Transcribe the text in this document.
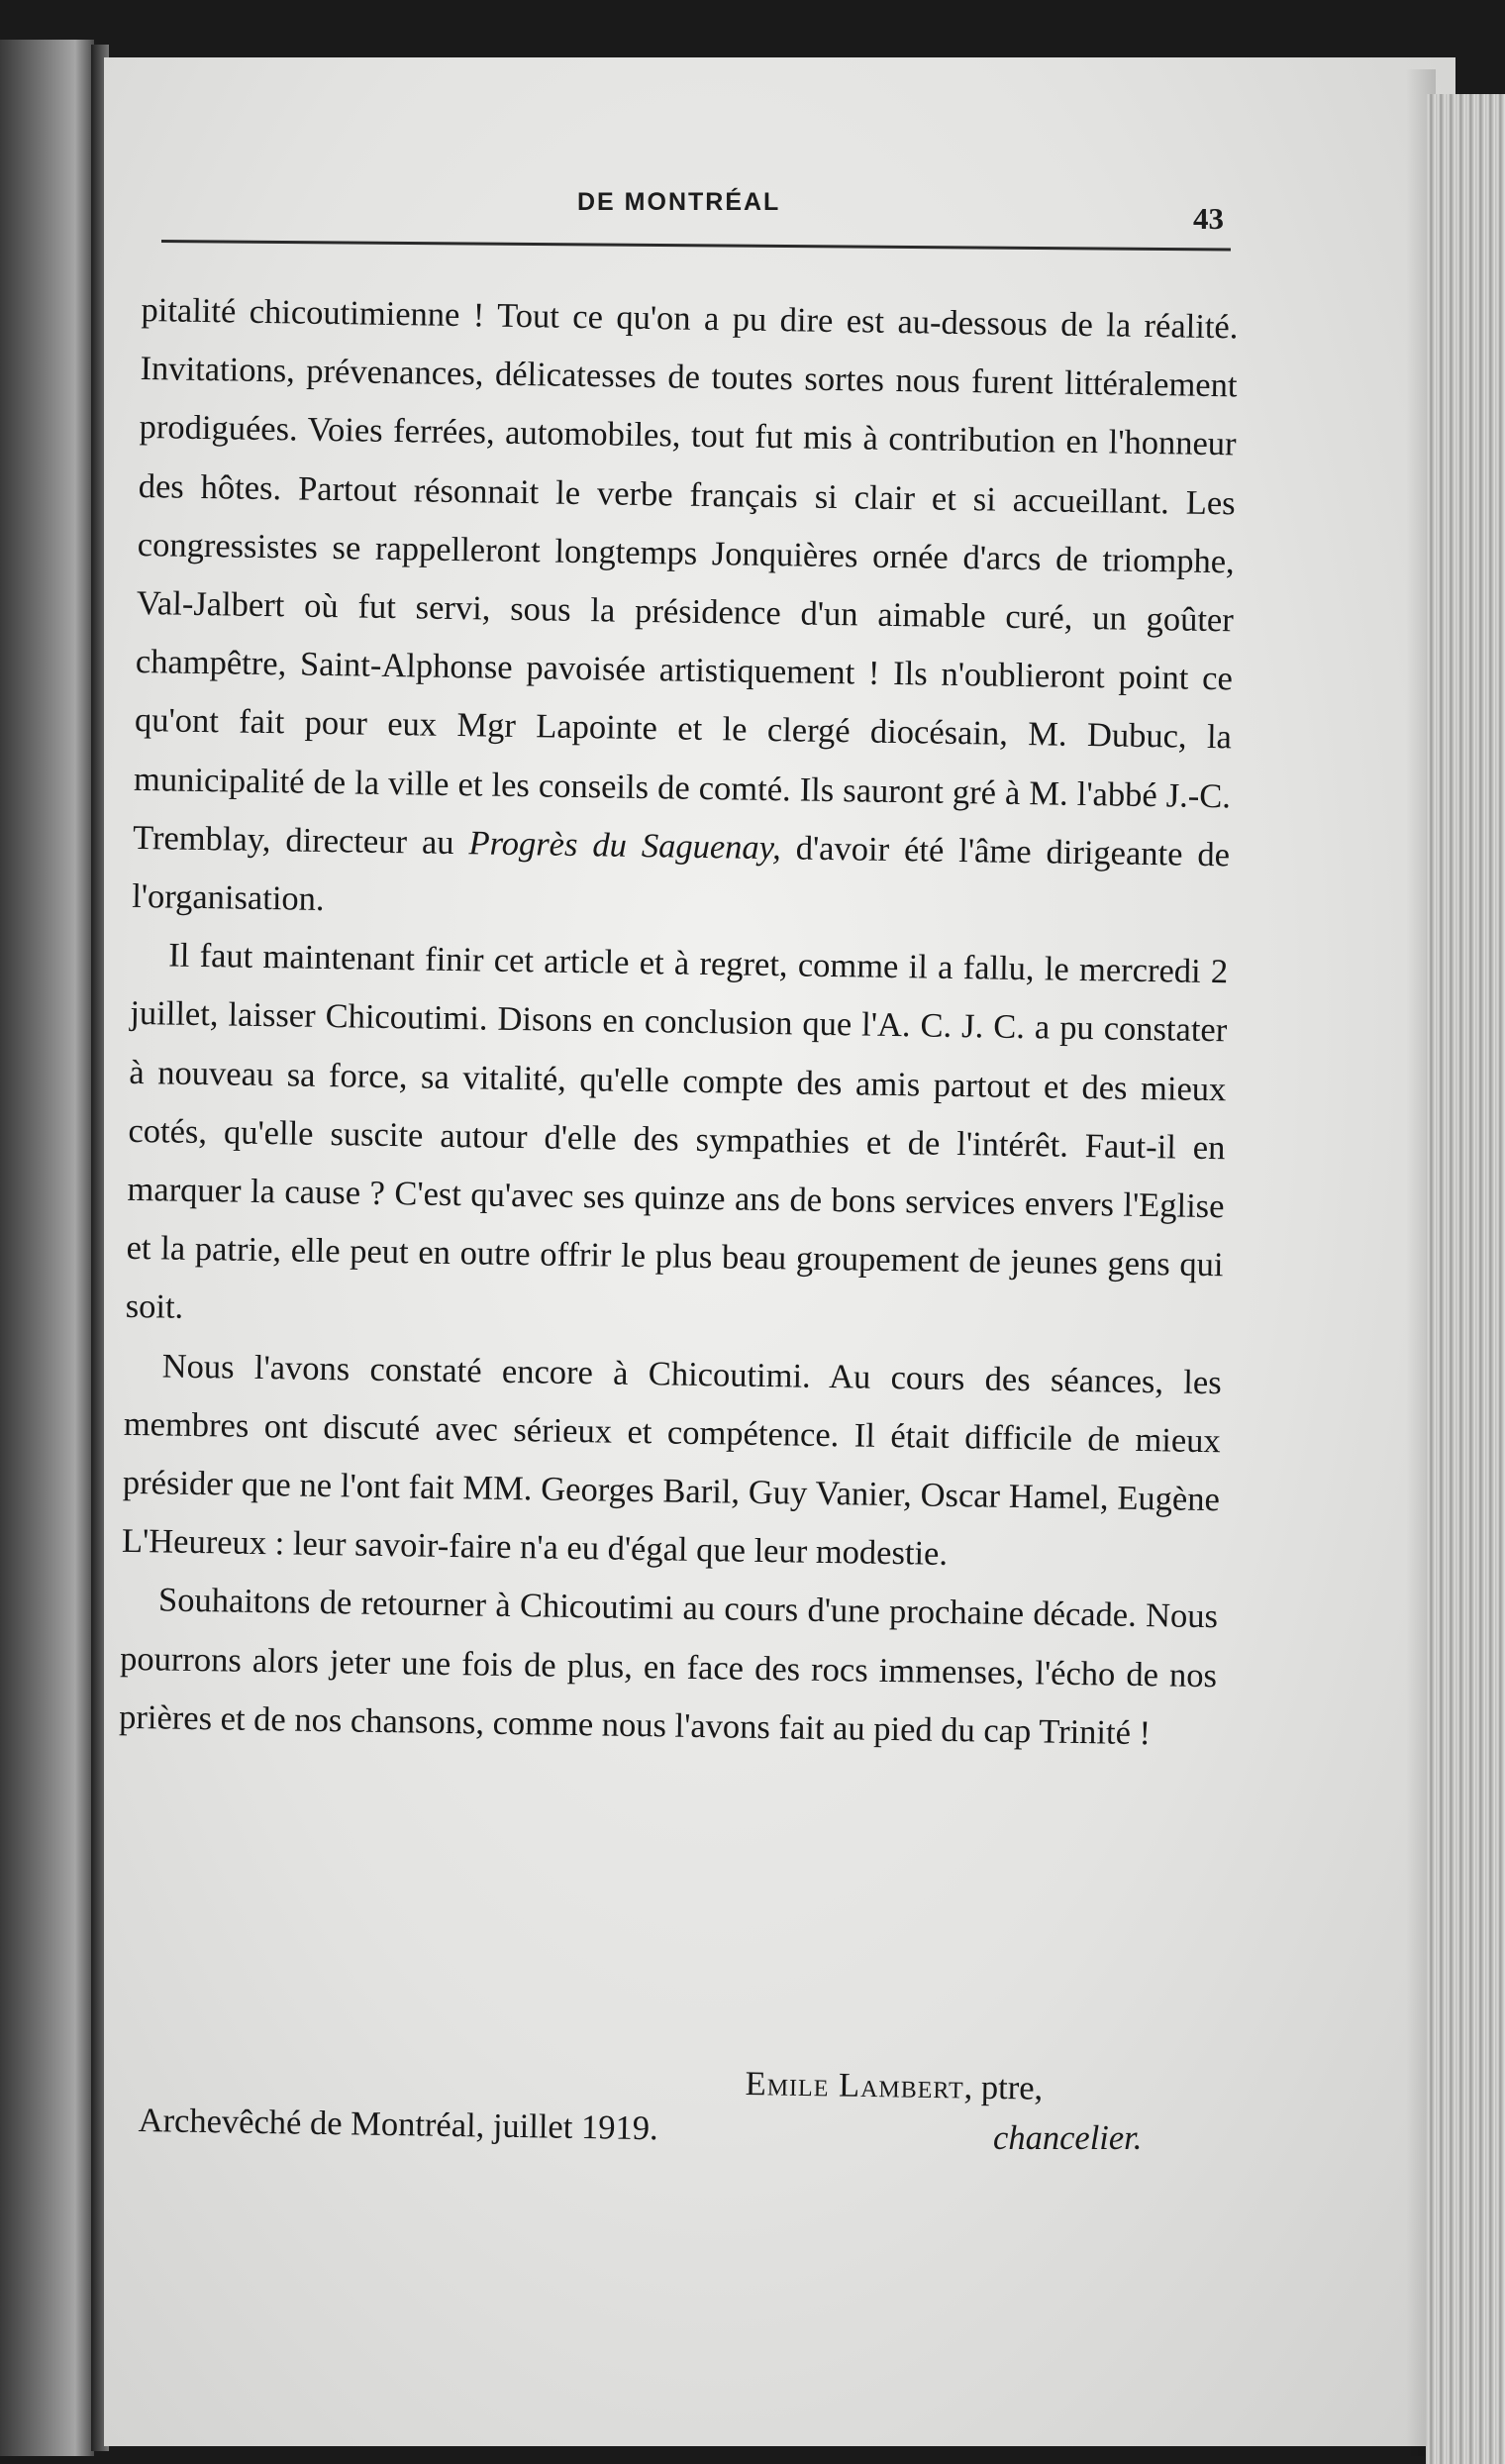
DE MONTRÉAL	43

pitalité chicoutimienne ! Tout ce qu'on a pu dire est au-dessous de la réalité. Invitations, prévenances, délicatesses de toutes sortes nous furent littéralement prodiguées. Voies ferrées, automobiles, tout fut mis à contribution en l'honneur des hôtes. Partout résonnait le verbe français si clair et si accueillant. Les congressistes se rappelleront longtemps Jonquières ornée d'arcs de triomphe, Val-Jalbert où fut servi, sous la présidence d'un aimable curé, un goûter champêtre, Saint-Alphonse pavoisée artistiquement ! Ils n'oublieront point ce qu'ont fait pour eux Mgr Lapointe et le clergé diocésain, M. Dubuc, la municipalité de la ville et les conseils de comté. Ils sauront gré à M. l'abbé J.-C. Tremblay, directeur au Progrès du Saguenay, d'avoir été l'âme dirigeante de l'organisation.

Il faut maintenant finir cet article et à regret, comme il a fallu, le mercredi 2 juillet, laisser Chicoutimi. Disons en conclusion que l'A. C. J. C. a pu constater à nouveau sa force, sa vitalité, qu'elle compte des amis partout et des mieux cotés, qu'elle suscite autour d'elle des sympathies et de l'intérêt. Faut-il en marquer la cause ? C'est qu'avec ses quinze ans de bons services envers l'Eglise et la patrie, elle peut en outre offrir le plus beau groupement de jeunes gens qui soit.

Nous l'avons constaté encore à Chicoutimi. Au cours des séances, les membres ont discuté avec sérieux et compétence. Il était difficile de mieux présider que ne l'ont fait MM. Georges Baril, Guy Vanier, Oscar Hamel, Eugène L'Heureux : leur savoir-faire n'a eu d'égal que leur modestie.

Souhaitons de retourner à Chicoutimi au cours d'une prochaine décade. Nous pourrons alors jeter une fois de plus, en face des rocs immenses, l'écho de nos prières et de nos chansons, comme nous l'avons fait au pied du cap Trinité !

Emile Lambert, ptre,
Archevêché de Montréal, juillet 1919.	chancelier.
